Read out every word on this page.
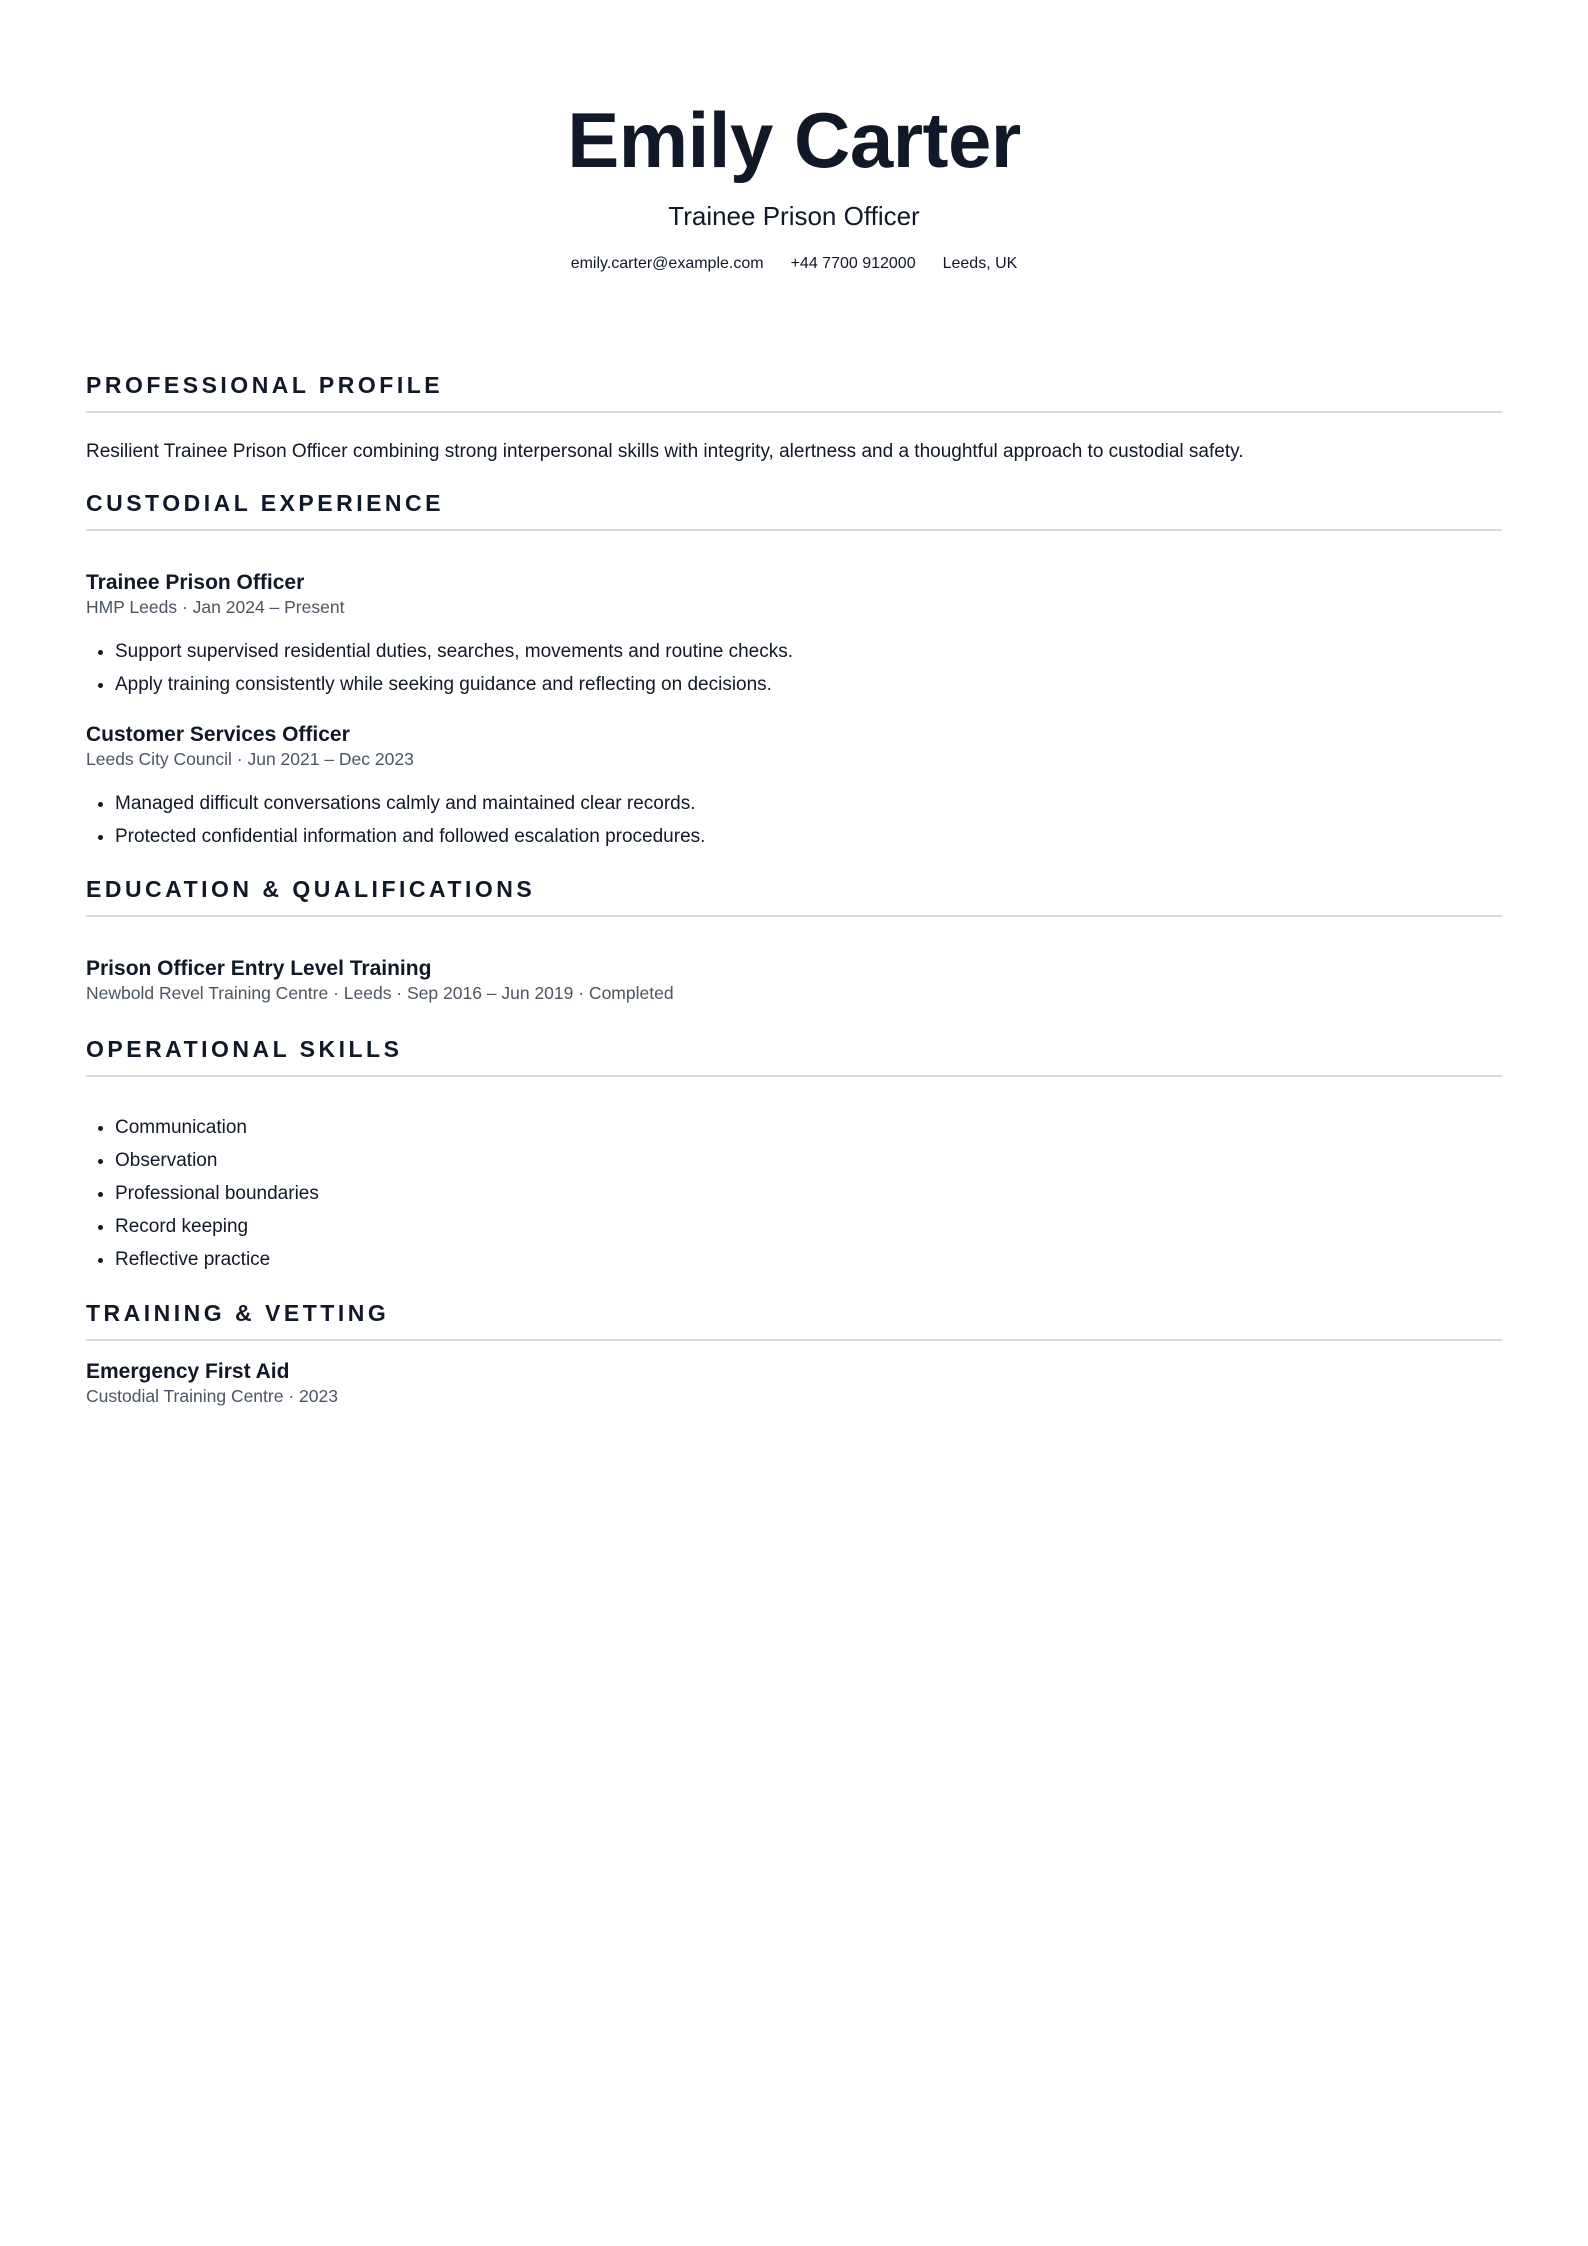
Emily Carter
Trainee Prison Officer
emily.carter@example.com +44 7700 912000 Leeds, UK
PROFESSIONAL PROFILE
Resilient Trainee Prison Officer combining strong interpersonal skills with integrity, alertness and a thoughtful approach to custodial safety.
CUSTODIAL EXPERIENCE
Trainee Prison Officer
HMP Leeds · Jan 2024 – Present
• Support supervised residential duties, searches, movements and routine checks.
• Apply training consistently while seeking guidance and reflecting on decisions.
Customer Services Officer
Leeds City Council · Jun 2021 – Dec 2023
• Managed difficult conversations calmly and maintained clear records.
• Protected confidential information and followed escalation procedures.
EDUCATION & QUALIFICATIONS
Prison Officer Entry Level Training
Newbold Revel Training Centre · Leeds · Sep 2016 – Jun 2019 · Completed
OPERATIONAL SKILLS
• Communication
• Observation
• Professional boundaries
• Record keeping
• Reflective practice
TRAINING & VETTING
Emergency First Aid
Custodial Training Centre · 2023
